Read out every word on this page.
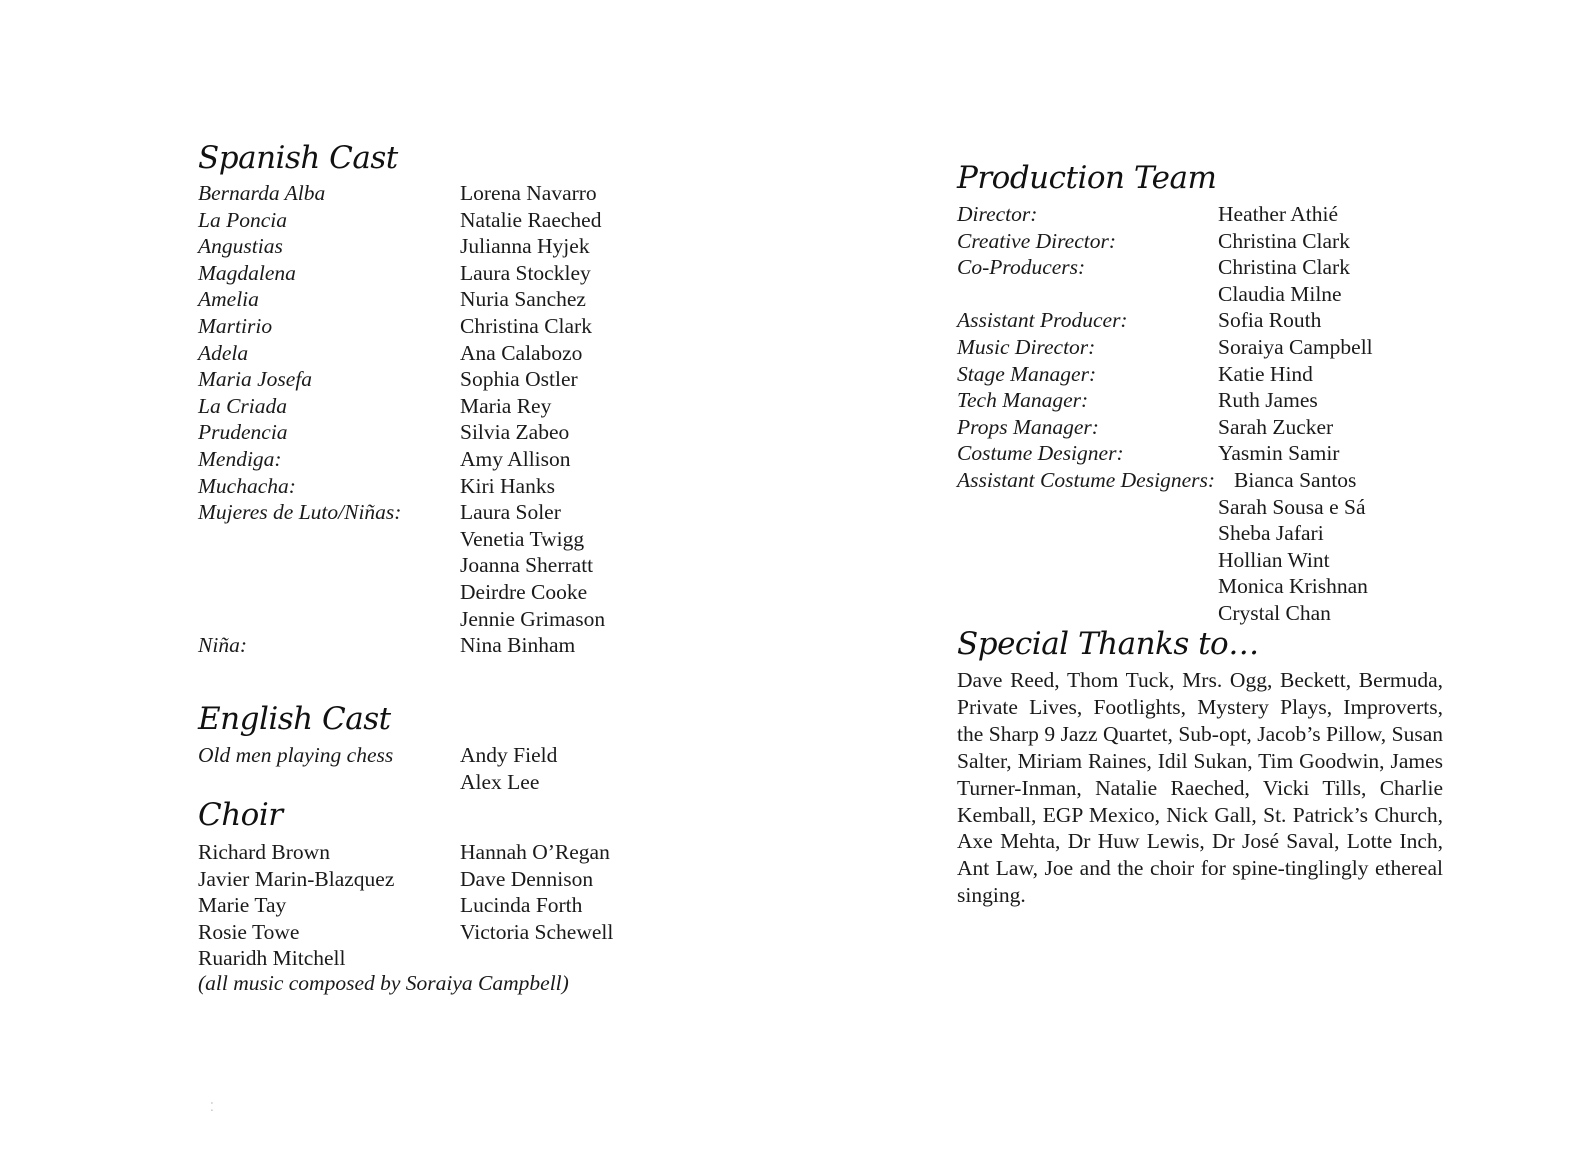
Spanish Cast
Bernarda Alba	Lorena Navarro
La Poncia	Natalie Raeched
Angustias	Julianna Hyjek
Magdalena	Laura Stockley
Amelia	Nuria Sanchez
Martirio	Christina Clark
Adela	Ana Calabozo
Maria Josefa	Sophia Ostler
La Criada	Maria Rey
Prudencia	Silvia Zabeo
Mendiga:	Amy Allison
Muchacha:	Kiri Hanks
Mujeres de Luto/Niñas:	Laura Soler
Venetia Twigg
Joanna Sherratt
Deirdre Cooke
Jennie Grimason
Niña:	Nina Binham
English Cast
Old men playing chess	Andy Field
Alex Lee
Choir
Richard Brown	Hannah O’Regan
Javier Marin-Blazquez	Dave Dennison
Marie Tay	Lucinda Forth
Rosie Towe	Victoria Schewell
Ruaridh Mitchell
(all music composed by Soraiya Campbell)
⁚
Production Team
Director:	Heather Athié
Creative Director:	Christina Clark
Co-Producers:	Christina Clark
Claudia Milne
Assistant Producer:	Sofia Routh
Music Director:	Soraiya Campbell
Stage Manager:	Katie Hind
Tech Manager:	Ruth James
Props Manager:	Sarah Zucker
Costume Designer:	Yasmin Samir
Assistant Costume Designers: Bianca Santos
Sarah Sousa e Sá
Sheba Jafari
Hollian Wint
Monica Krishnan
Crystal Chan
Special Thanks to…

Dave Reed, Thom Tuck, Mrs. Ogg, Beckett, Bermuda, Private Lives, Footlights, Mystery Plays, Improverts, the Sharp 9 Jazz Quartet, Sub-opt, Jacob’s Pillow, Susan Salter, Miriam Raines, Idil Sukan, Tim Goodwin, James Turner-Inman, Natalie Raeched, Vicki Tills, Charlie Kemball, EGP Mexico, Nick Gall, St. Patrick’s Church, Axe Mehta, Dr Huw Lewis, Dr José Saval, Lotte Inch, Ant Law, Joe and the choir for spine-tinglingly ethereal singing.
